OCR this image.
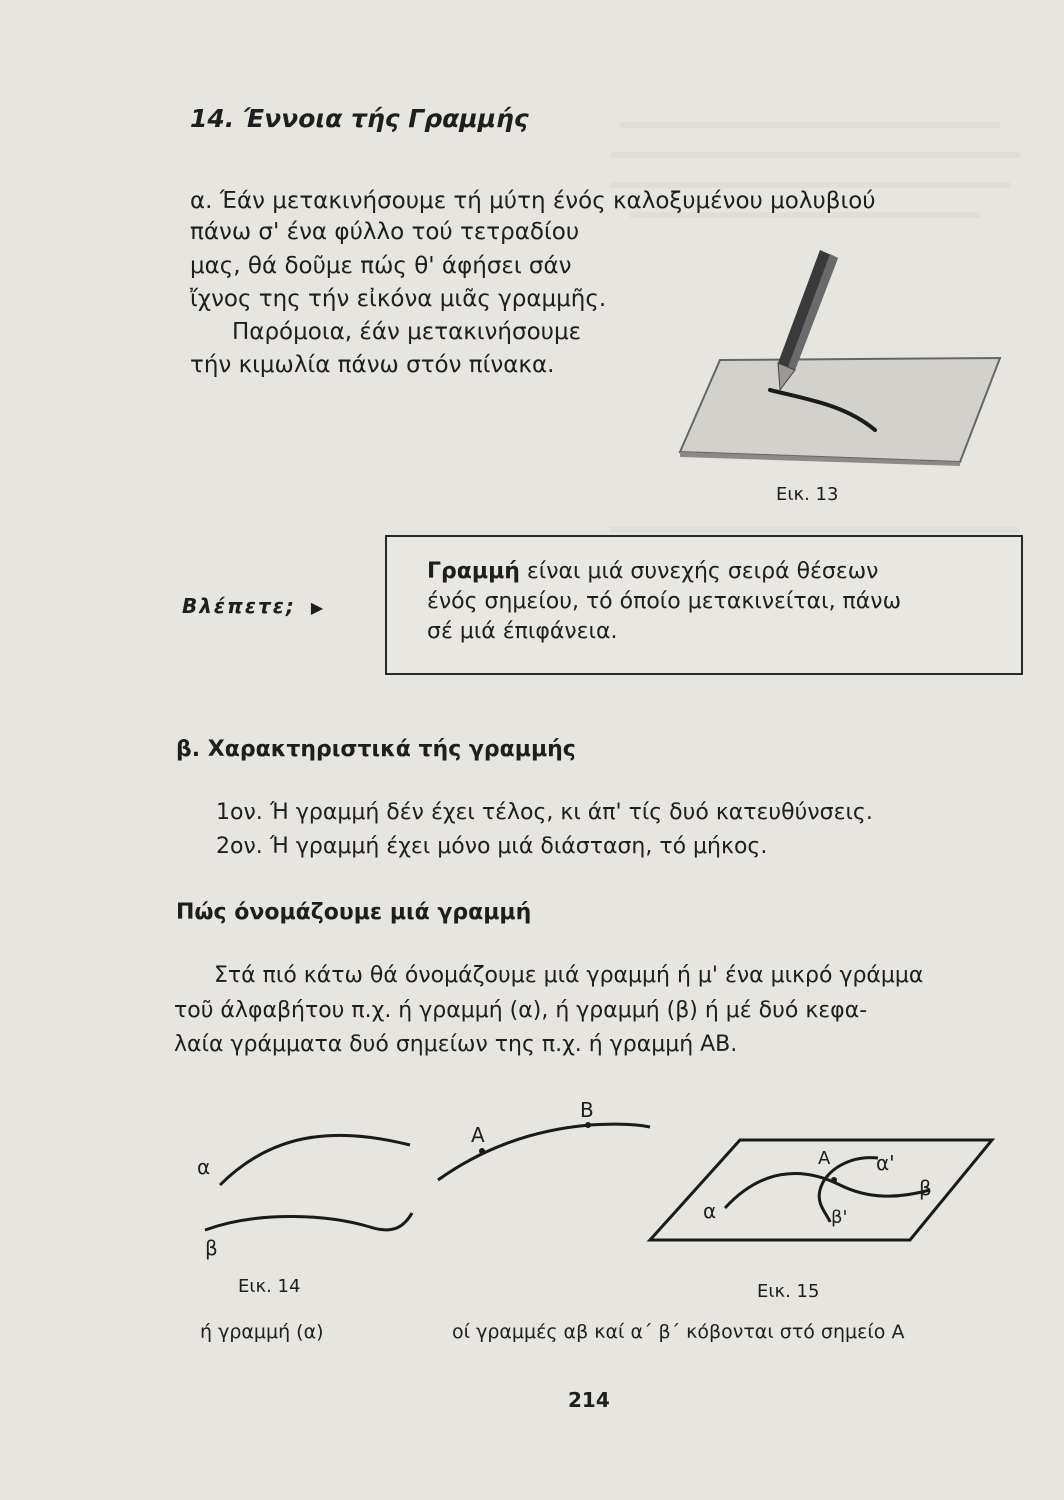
14. Έννοια τής Γραμμής
α. Έάν μετακινήσουμε τή μύτη ένός καλοξυμένου μολυβιού
πάνω σ' ένα φύλλο τού τετραδίου
μας, θά δοῦμε πώς θ' άφήσει σάν
ἴχνος της τήν εἰκόνα μιᾶς γραμμῆς.
Παρόμοια, έάν μετακινήσουμε
τήν κιμωλία πάνω στόν πίνακα.
Εικ. 13
Βλέπετε; ▶
Γραμμή είναι μιά συνεχής σειρά θέσεων
ένός σημείου, τό όποίο μετακινείται, πάνω
σέ μιά έπιφάνεια.
β. Χαρακτηριστικά τής γραμμής
1ον. Ή γραμμή δέν έχει τέλος, κι άπ' τίς δυό κατευθύνσεις.
2ον. Ή γραμμή έχει μόνο μιά διάσταση, τό μήκος.
Πώς όνομάζουμε μιά γραμμή
Στά πιό κάτω θά όνομάζουμε μιά γραμμή ή μ' ένα μικρό γράμμα
τοῦ άλφαβήτου π.χ. ή γραμμή (α), ή γραμμή (β) ή μέ δυό κεφα-
λαία γράμματα δυό σημείων της π.χ. ή γραμμή ΑΒ.
α
β
Α
Β
Εικ. 14
ή γραμμή (α)
Α α'
β
α	β'
Εικ. 15
οί γραμμές αβ καί α΄ β΄ κόβονται στό σημείο Α
214
